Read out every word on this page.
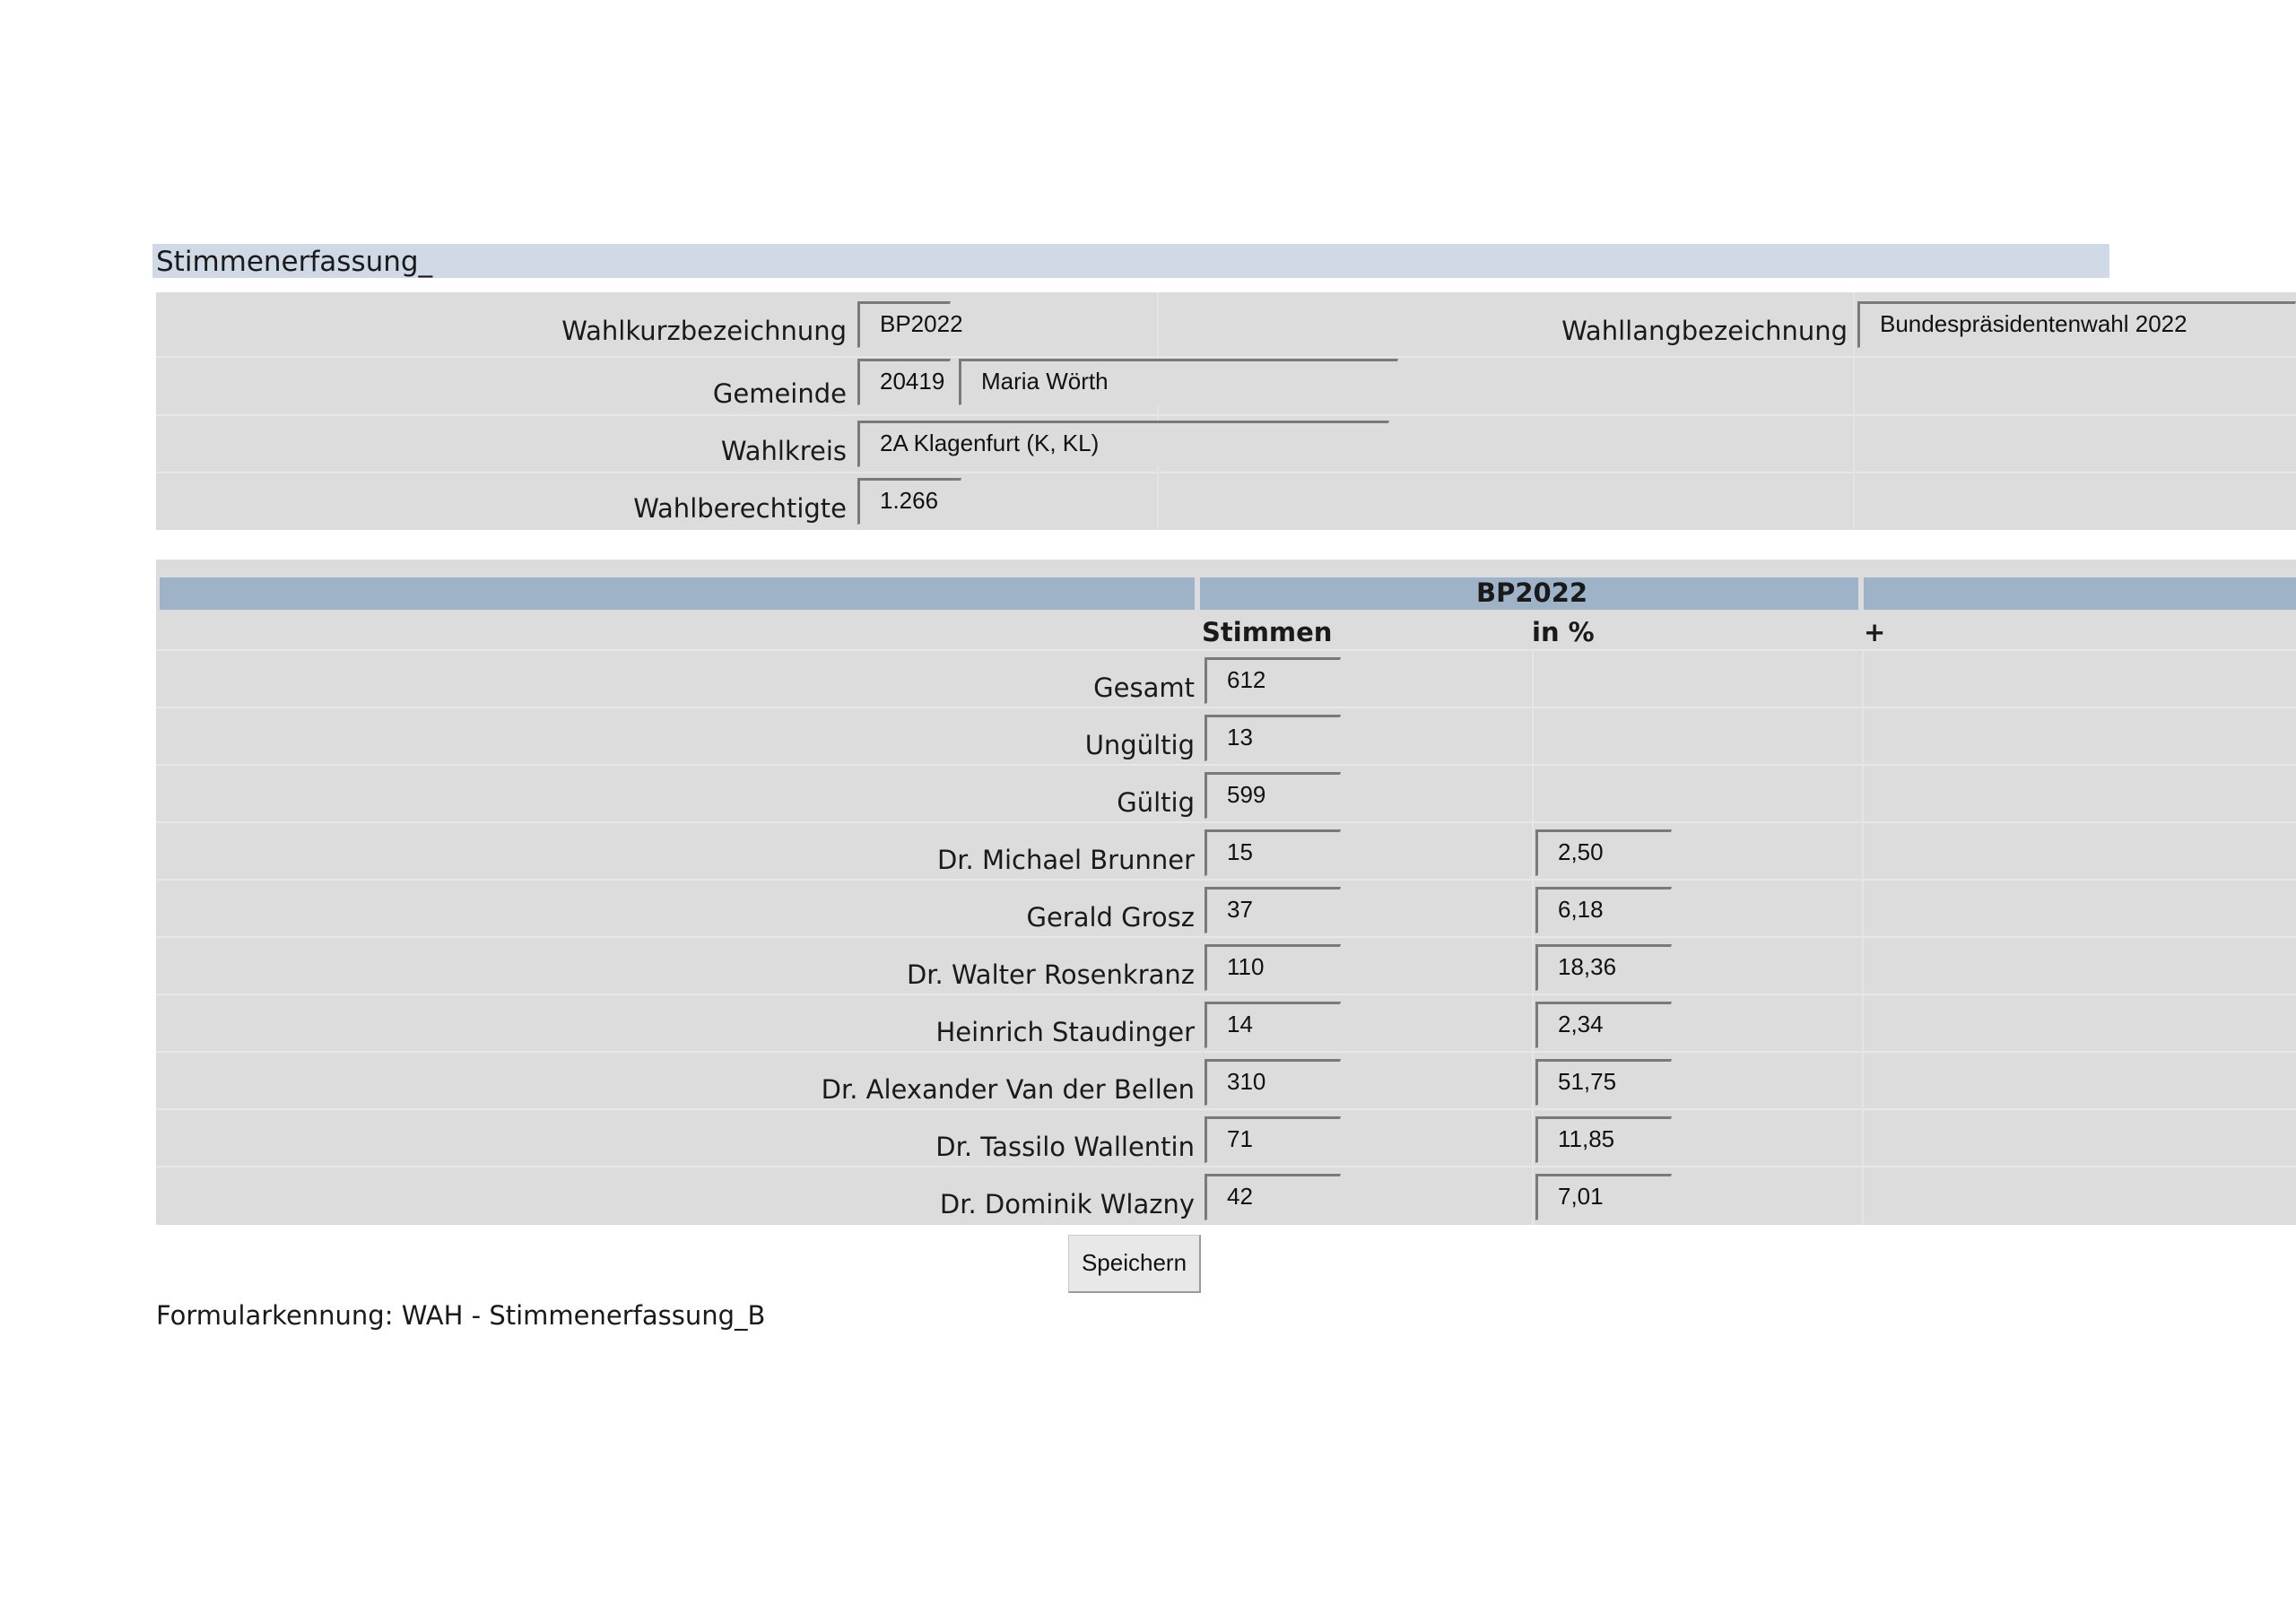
Stimmenerfassung_
Wahlkurzbezeichnung	BP2022	Wahllangbezeichnung	Bundespräsidentenwahl 2022
Gemeinde	20419	Maria Wörth
Wahlkreis	2A Klagenfurt (K, KL)
Wahlberechtigte	1.266
BP2022
Stimmen	in %	+
Gesamt	612
Ungültig	13
Gültig	599
Dr. Michael Brunner	15	2,50
Gerald Grosz	37	6,18
Dr. Walter Rosenkranz	110	18,36
Heinrich Staudinger	14	2,34
Dr. Alexander Van der Bellen	310	51,75
Dr. Tassilo Wallentin	71	11,85
Dr. Dominik Wlazny	42	7,01
Speichern
Formularkennung: WAH - Stimmenerfassung_B
